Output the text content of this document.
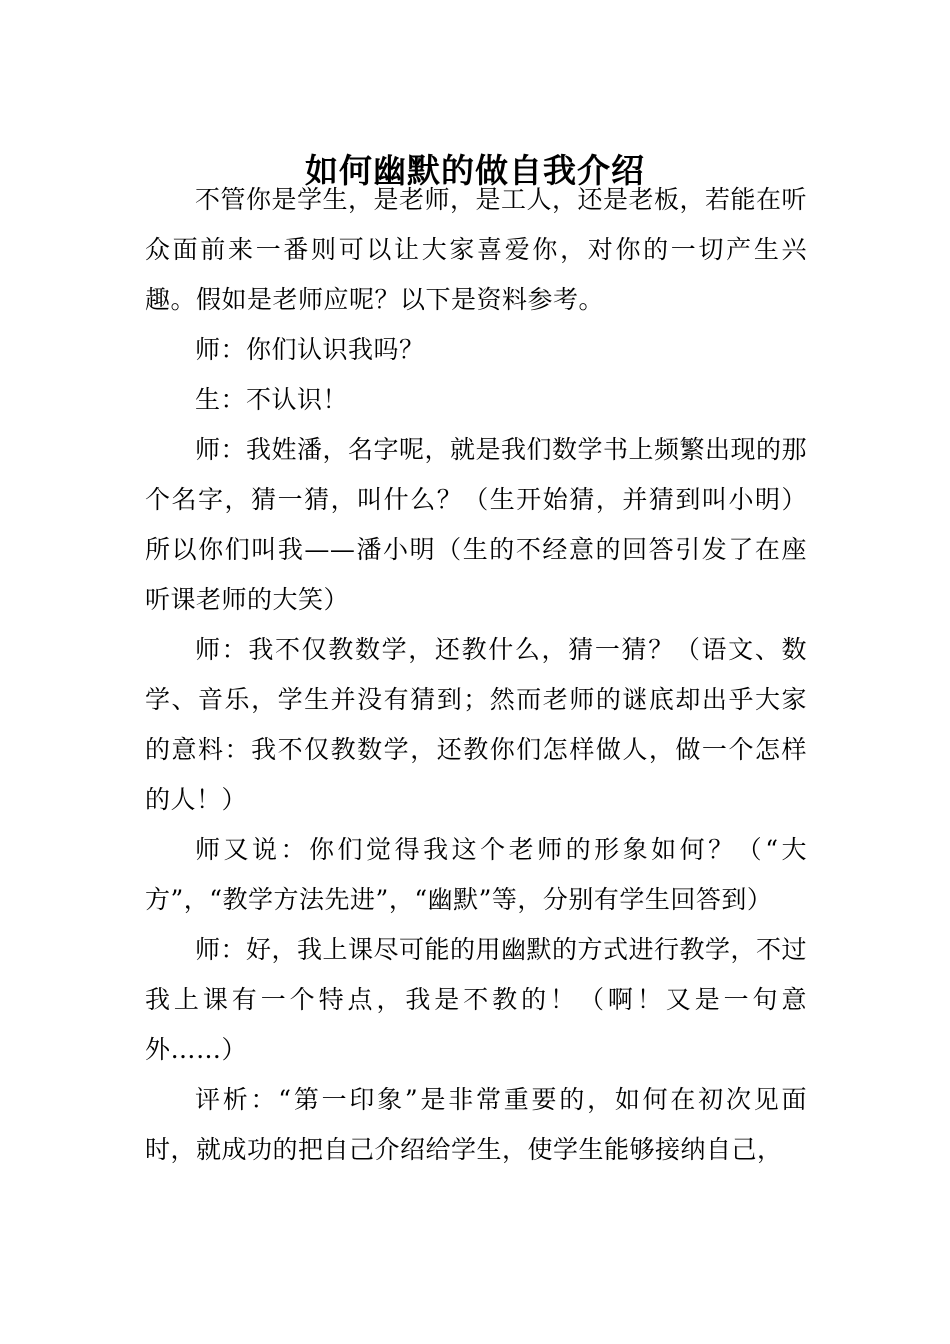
如何幽默的做自我介绍

不管你是学生，是老师，是工人，还是老板，若能在听众面前来一番则可以让大家喜爱你，对你的一切产生兴趣。假如是老师应呢？以下是资料参考。

师：你们认识我吗？

生：不认识！

师：我姓潘，名字呢，就是我们数学书上频繁出现的那个名字，猜一猜，叫什么？（生开始猜，并猜到叫小明）所以你们叫我——潘小明（生的不经意的回答引发了在座听课老师的大笑）

师：我不仅教数学，还教什么，猜一猜？（语文、数学、音乐，学生并没有猜到；然而老师的谜底却出乎大家的意料：我不仅教数学，还教你们怎样做人，做一个怎样的人！）

师又说：你们觉得我这个老师的形象如何？（“大方”，“教学方法先进”，“幽默”等，分别有学生回答到）

师：好，我上课尽可能的用幽默的方式进行教学，不过我上课有一个特点，我是不教的！（啊！又是一句意外……）

评析：“第一印象”是非常重要的，如何在初次见面时，就成功的把自己介绍给学生，使学生能够接纳自己，
